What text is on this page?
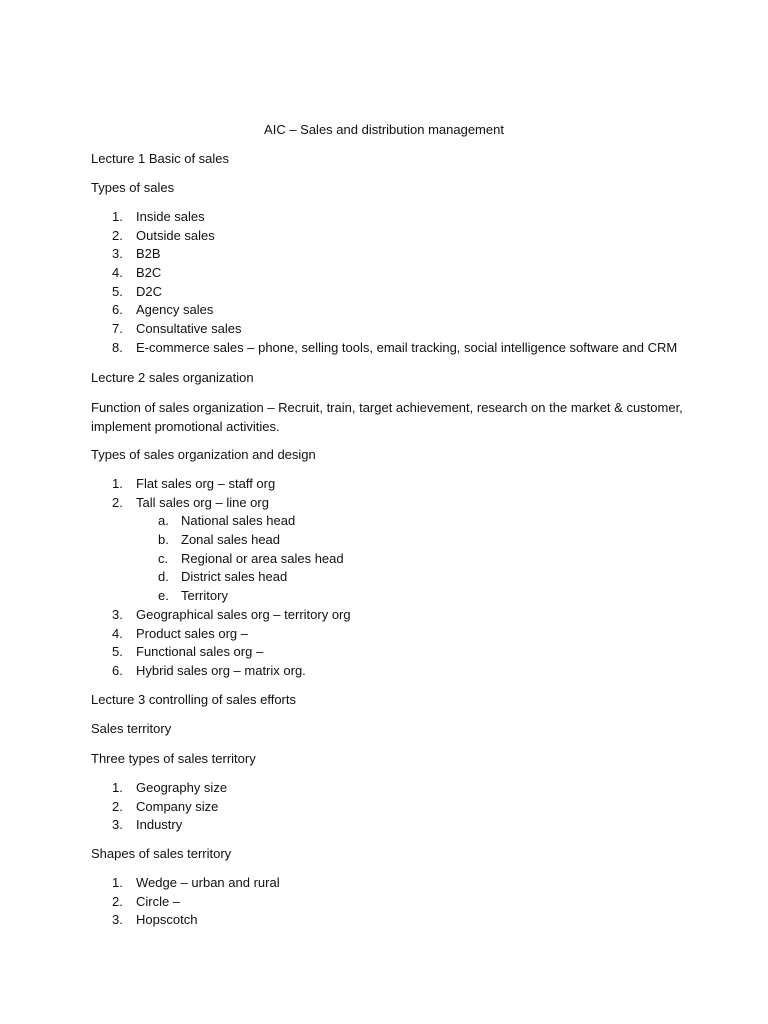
AIC – Sales and distribution management

Lecture 1 Basic of sales

Types of sales

1.	Inside sales
2.	Outside sales
3.	B2B
4.	B2C
5.	D2C
6.	Agency sales
7.	Consultative sales
8.	E-commerce sales – phone, selling tools, email tracking, social intelligence software and CRM

Lecture 2 sales organization

Function of sales organization – Recruit, train, target achievement, research on the market & customer, implement promotional activities.

Types of sales organization and design

1.	Flat sales org – staff org
2.	Tall sales org – line org
a. National sales head
b. Zonal sales head
c. Regional or area sales head
d. District sales head
e. Territory
3.	Geographical sales org – territory org
4.	Product sales org –
5.	Functional sales org –
6.	Hybrid sales org – matrix org.

Lecture 3 controlling of sales efforts

Sales territory

Three types of sales territory

1.	Geography size
2.	Company size
3.	Industry

Shapes of sales territory

1.	Wedge – urban and rural
2.	Circle –
3.	Hopscotch
